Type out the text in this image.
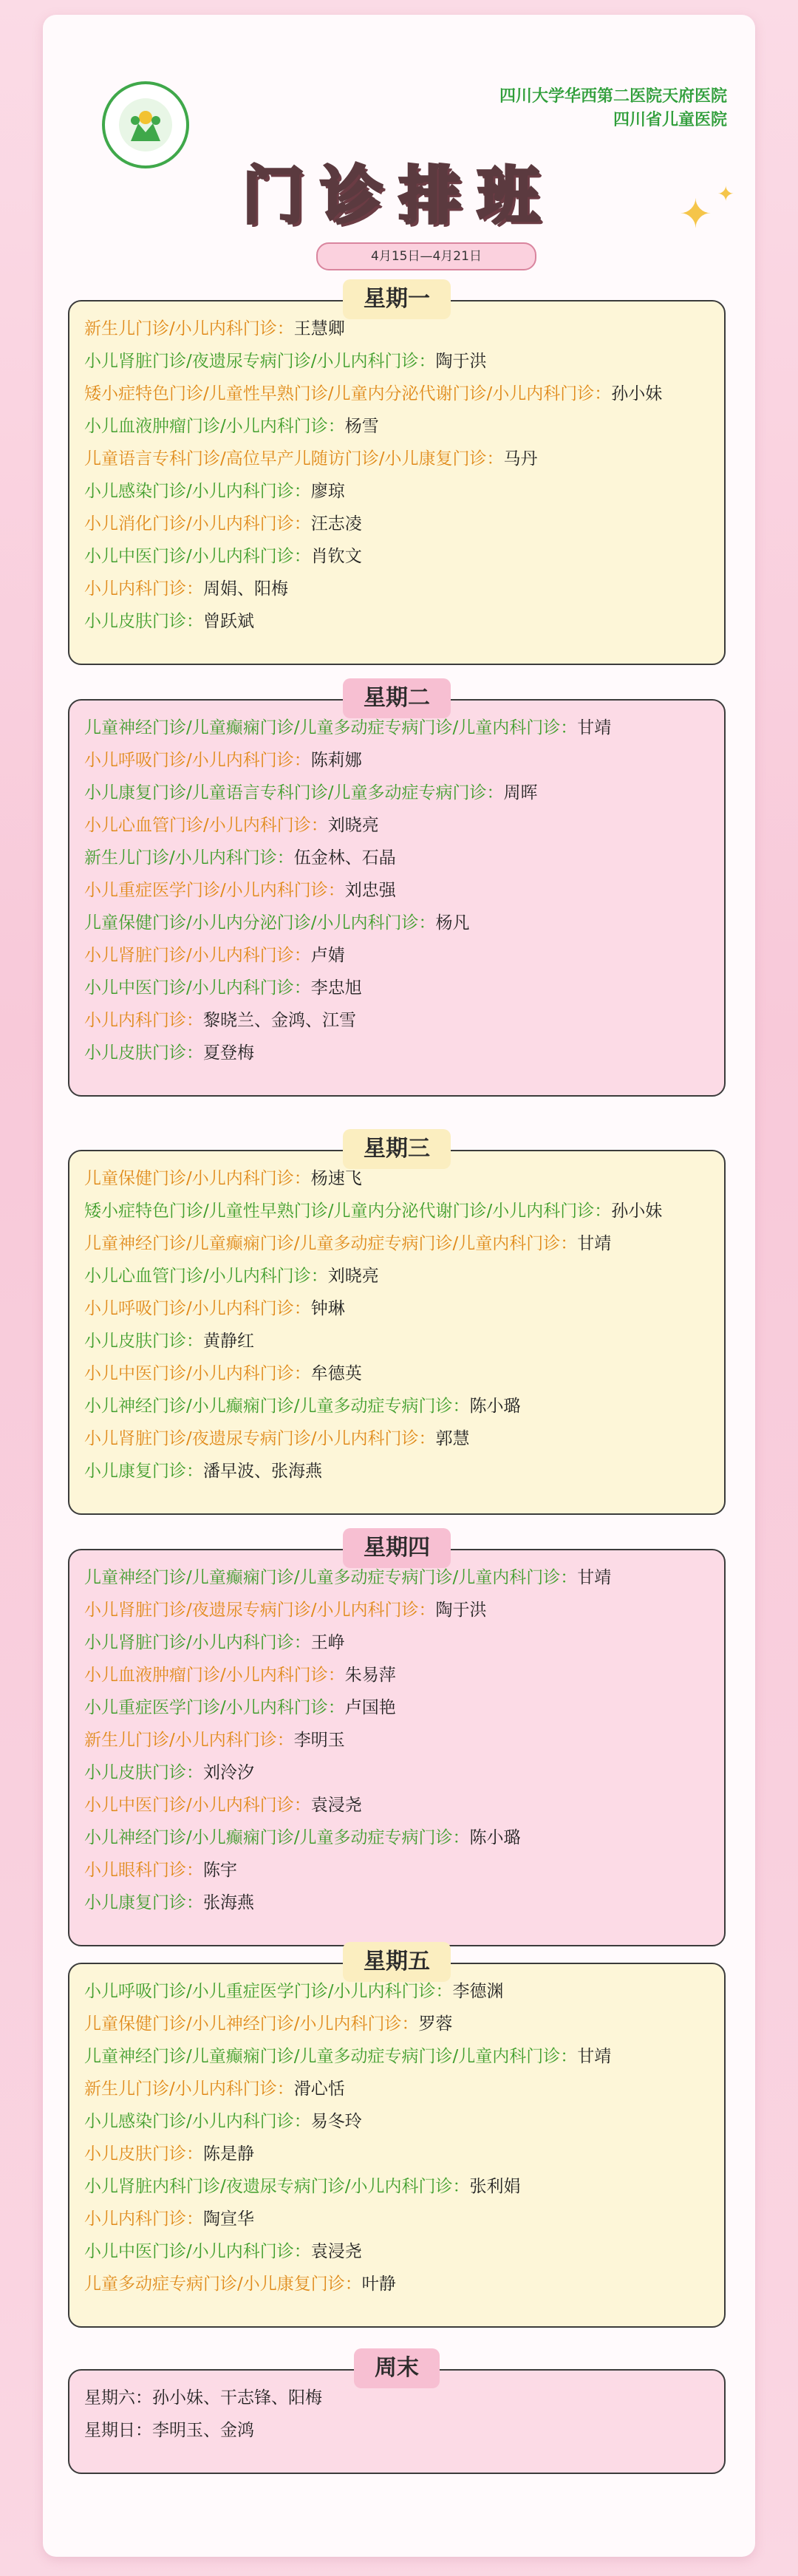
四川大学华西第二医院天府医院
四川省儿童医院
门诊排班	✦ ✦
4月15日—4月21日
星期一
新生儿门诊/小儿内科门诊：王慧卿
小儿肾脏门诊/夜遗尿专病门诊/小儿内科门诊：陶于洪
矮小症特色门诊/儿童性早熟门诊/儿童内分泌代谢门诊/小儿内科门诊：孙小妹
小儿血液肿瘤门诊/小儿内科门诊：杨雪
儿童语言专科门诊/高位早产儿随访门诊/小儿康复门诊：马丹
小儿感染门诊/小儿内科门诊：廖琼
小儿消化门诊/小儿内科门诊：汪志凌
小儿中医门诊/小儿内科门诊：肖钦文
小儿内科门诊：周娟、阳梅
小儿皮肤门诊：曾跃斌
星期二
儿童神经门诊/儿童癫痫门诊/儿童多动症专病门诊/儿童内科门诊：甘靖
小儿呼吸门诊/小儿内科门诊：陈莉娜
小儿康复门诊/儿童语言专科门诊/儿童多动症专病门诊：周晖
小儿心血管门诊/小儿内科门诊：刘晓亮
新生儿门诊/小儿内科门诊：伍金林、石晶
小儿重症医学门诊/小儿内科门诊：刘忠强
儿童保健门诊/小儿内分泌门诊/小儿内科门诊：杨凡
小儿肾脏门诊/小儿内科门诊：卢婧
小儿中医门诊/小儿内科门诊：李忠旭
小儿内科门诊：黎晓兰、金鸿、江雪
小儿皮肤门诊：夏登梅
星期三
儿童保健门诊/小儿内科门诊：杨速飞
矮小症特色门诊/儿童性早熟门诊/儿童内分泌代谢门诊/小儿内科门诊：孙小妹
儿童神经门诊/儿童癫痫门诊/儿童多动症专病门诊/儿童内科门诊：甘靖
小儿心血管门诊/小儿内科门诊：刘晓亮
小儿呼吸门诊/小儿内科门诊：钟琳
小儿皮肤门诊：黄静红
小儿中医门诊/小儿内科门诊：牟德英
小儿神经门诊/小儿癫痫门诊/儿童多动症专病门诊：陈小璐
小儿肾脏门诊/夜遗尿专病门诊/小儿内科门诊：郭慧
小儿康复门诊：潘早波、张海燕
星期四
儿童神经门诊/儿童癫痫门诊/儿童多动症专病门诊/儿童内科门诊：甘靖
小儿肾脏门诊/夜遗尿专病门诊/小儿内科门诊：陶于洪
小儿肾脏门诊/小儿内科门诊：王峥
小儿血液肿瘤门诊/小儿内科门诊：朱易萍
小儿重症医学门诊/小儿内科门诊：卢国艳
新生儿门诊/小儿内科门诊：李明玉
小儿皮肤门诊：刘泠汐
小儿中医门诊/小儿内科门诊：袁浸尧
小儿神经门诊/小儿癫痫门诊/儿童多动症专病门诊：陈小璐
小儿眼科门诊：陈宇
小儿康复门诊：张海燕
星期五
小儿呼吸门诊/小儿重症医学门诊/小儿内科门诊：李德渊
儿童保健门诊/小儿神经门诊/小儿内科门诊：罗蓉
儿童神经门诊/儿童癫痫门诊/儿童多动症专病门诊/儿童内科门诊：甘靖
新生儿门诊/小儿内科门诊：滑心恬
小儿感染门诊/小儿内科门诊：易冬玲
小儿皮肤门诊：陈是静
小儿肾脏内科门诊/夜遗尿专病门诊/小儿内科门诊：张利娟
小儿内科门诊：陶宣华
小儿中医门诊/小儿内科门诊：袁浸尧
儿童多动症专病门诊/小儿康复门诊：叶静
周末
星期六：孙小妹、干志锋、阳梅
星期日：李明玉、金鸿
